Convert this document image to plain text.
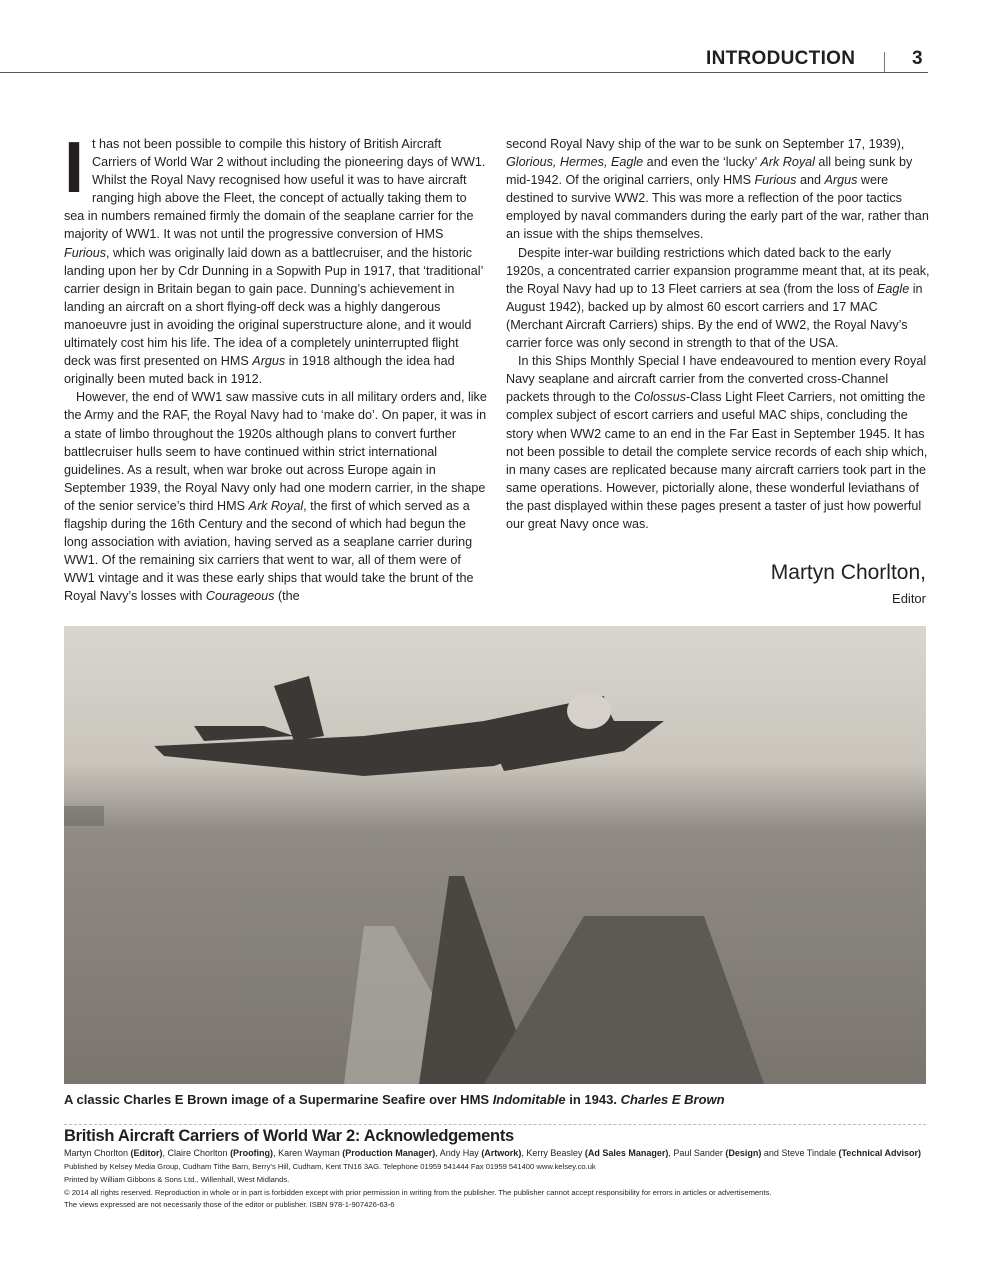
INTRODUCTION	3
I t has not been possible to compile this history of British Aircraft Carriers of World War 2 without including the pioneering days of WW1. Whilst the Royal Navy recognised how useful it was to have aircraft ranging high above the Fleet, the concept of actually taking them to sea in numbers remained firmly the domain of the seaplane carrier for the majority of WW1. It was not until the progressive conversion of HMS Furious, which was originally laid down as a battlecruiser, and the historic landing upon her by Cdr Dunning in a Sopwith Pup in 1917, that ‘traditional’ carrier design in Britain began to gain pace. Dunning’s achievement in landing an aircraft on a short flying-off deck was a highly dangerous manoeuvre just in avoiding the original superstructure alone, and it would ultimately cost him his life. The idea of a completely uninterrupted flight deck was first presented on HMS Argus in 1918 although the idea had originally been muted back in 1912.

However, the end of WW1 saw massive cuts in all military orders and, like the Army and the RAF, the Royal Navy had to ‘make do’. On paper, it was in a state of limbo throughout the 1920s although plans to convert further battlecruiser hulls seem to have continued within strict international guidelines. As a result, when war broke out across Europe again in September 1939, the Royal Navy only had one modern carrier, in the shape of the senior service’s third HMS Ark Royal, the first of which served as a flagship during the 16th Century and the second of which had begun the long association with aviation, having served as a seaplane carrier during WW1. Of the remaining six carriers that went to war, all of them were of WW1 vintage and it was these early ships that would take the brunt of the Royal Navy’s losses with Courageous (the

second Royal Navy ship of the war to be sunk on September 17, 1939), Glorious, Hermes, Eagle and even the ‘lucky’ Ark Royal all being sunk by mid-1942. Of the original carriers, only HMS Furious and Argus were destined to survive WW2. This was more a reflection of the poor tactics employed by naval commanders during the early part of the war, rather than an issue with the ships themselves.

Despite inter-war building restrictions which dated back to the early 1920s, a concentrated carrier expansion programme meant that, at its peak, the Royal Navy had up to 13 Fleet carriers at sea (from the loss of Eagle in August 1942), backed up by almost 60 escort carriers and 17 MAC (Merchant Aircraft Carriers) ships. By the end of WW2, the Royal Navy’s carrier force was only second in strength to that of the USA.

In this Ships Monthly Special I have endeavoured to mention every Royal Navy seaplane and aircraft carrier from the converted cross-Channel packets through to the Colossus-Class Light Fleet Carriers, not omitting the complex subject of escort carriers and useful MAC ships, concluding the story when WW2 came to an end in the Far East in September 1945. It has not been possible to detail the complete service records of each ship which, in many cases are replicated because many aircraft carriers took part in the same operations. However, pictorially alone, these wonderful leviathans of the past displayed within these pages present a taster of just how powerful our great Navy once was.

Martyn Chorlton,
Editor
A classic Charles E Brown image of a Supermarine Seafire over HMS Indomitable in 1943. Charles E Brown
British Aircraft Carriers of World War 2: Acknowledgements
Martyn Chorlton (Editor), Claire Chorlton (Proofing), Karen Wayman (Production Manager), Andy Hay (Artwork), Kerry Beasley (Ad Sales Manager), Paul Sander (Design) and Steve Tindale (Technical Advisor)
Published by Kelsey Media Group, Cudham Tithe Barn, Berry’s Hill, Cudham, Kent TN16 3AG. Telephone 01959 541444 Fax 01959 541400 www.kelsey.co.uk
Printed by William Gibbons & Sons Ltd., Willenhall, West Midlands.
© 2014 all rights reserved. Reproduction in whole or in part is forbidden except with prior permission in writing from the publisher. The publisher cannot accept responsibility for errors in articles or advertisements.
The views expressed are not necessarily those of the editor or publisher. ISBN 978-1-907426-63-6
